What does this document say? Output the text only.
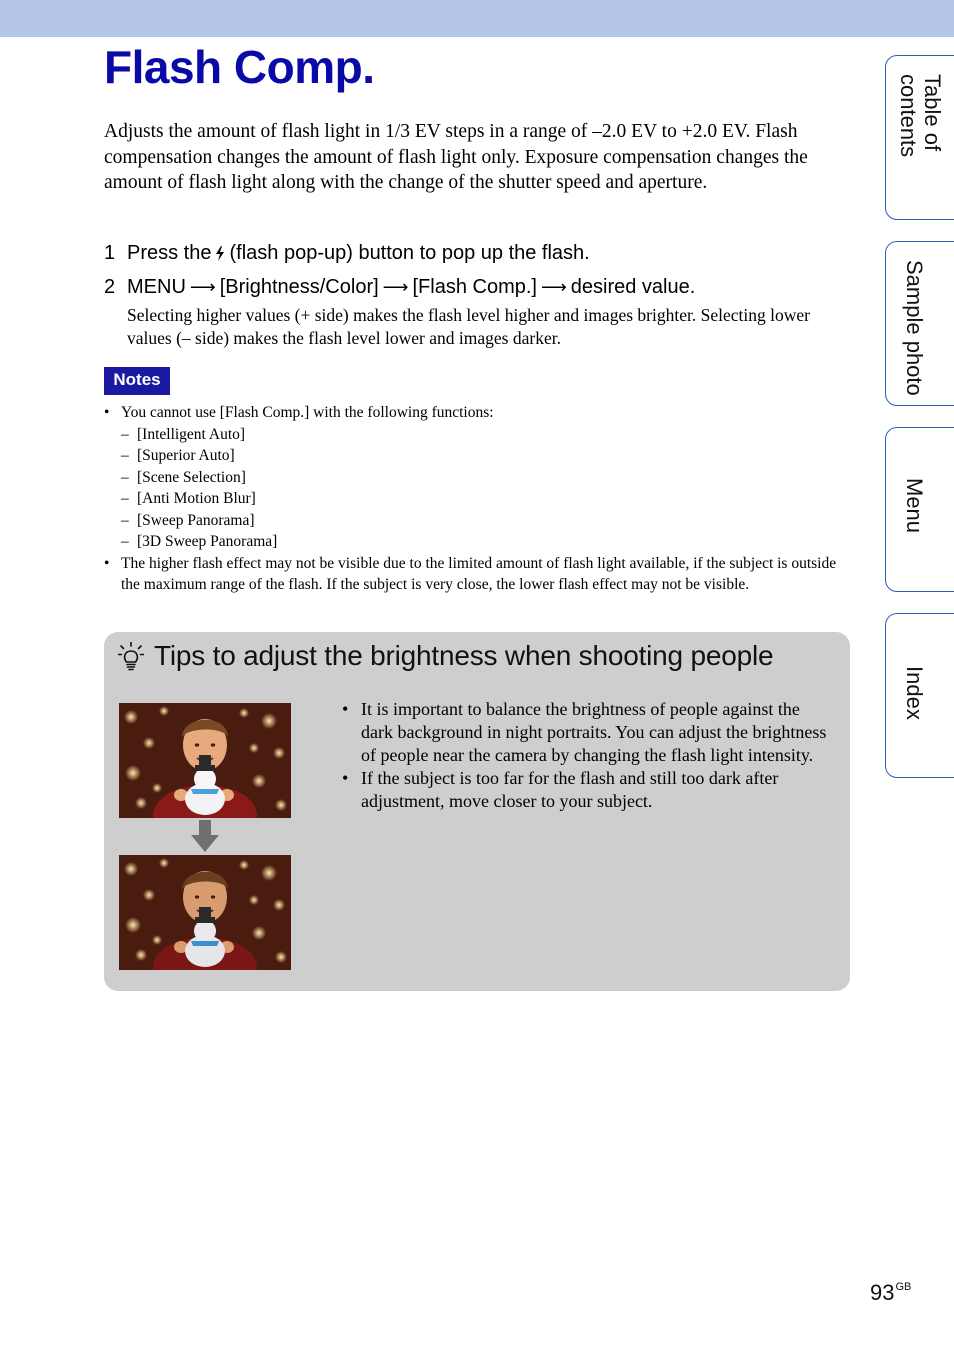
Flash Comp.

Adjusts the amount of flash light in 1/3 EV steps in a range of –2.0 EV to +2.0 EV. Flash compensation changes the amount of flash light only. Exposure compensation changes the amount of flash light along with the change of the shutter speed and aperture.

1 Press the (flash pop-up) button to pop up the flash.
2 MENU ⟶ [Brightness/Color] ⟶ [Flash Comp.] ⟶ desired value.

Selecting higher values (+ side) makes the flash level higher and images brighter. Selecting lower values (– side) makes the flash level lower and images darker.

Notes
• You cannot use [Flash Comp.] with the following functions:
– [Intelligent Auto]
– [Superior Auto]
– [Scene Selection]
– [Anti Motion Blur]
– [Sweep Panorama]
– [3D Sweep Panorama]
• The higher flash effect may not be visible due to the limited amount of flash light available, if the subject is outside the maximum range of the flash. If the subject is very close, the lower flash effect may not be visible.
Tips to adjust the brightness when shooting people
• It is important to balance the brightness of people against the dark background in night portraits. You can adjust the brightness of people near the camera by changing the flash light intensity.
• If the subject is too far for the flash and still too dark after adjustment, move closer to your subject.
Table of
contents
Sample photo
Menu
Index
$93^{GB}$
